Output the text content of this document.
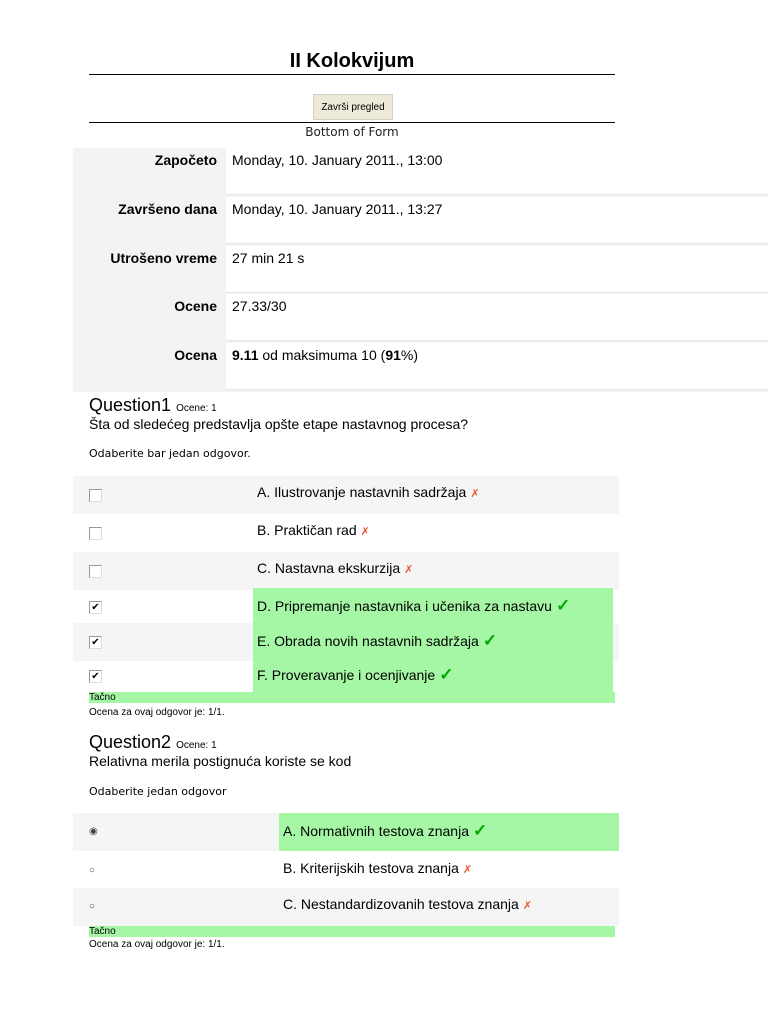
II Kolokvijum
Završi pregled
Bottom of Form
Započeto	Monday, 10. January 2011., 13:00
Završeno dana	Monday, 10. January 2011., 13:27
Utrošeno vreme	27 min 21 s
Ocene	27.33/30
Ocena	9.11 od maksimuma 10 (91%)
Question1 Ocene: 1
Šta od sledećeg predstavlja opšte etape nastavnog procesa?
Odaberite bar jedan odgovor.
A. Ilustrovanje nastavnih sadržaja ✗
B. Praktičan rad ✗
C. Nastavna ekskurzija ✗
✔	D. Pripremanje nastavnika i učenika za nastavu ✓
✔	E. Obrada novih nastavnih sadržaja ✓
✔	F. Proveravanje i ocenjivanje ✓
Tačno
Ocena za ovaj odgovor je: 1/1.
Question2 Ocene: 1
Relativna merila postignuća koriste se kod
Odaberite jedan odgovor
◉	A. Normativnih testova znanja ✓
○	B. Kriterijskih testova znanja ✗
○	C. Nestandardizovanih testova znanja ✗
Tačno
Ocena za ovaj odgovor je: 1/1.
